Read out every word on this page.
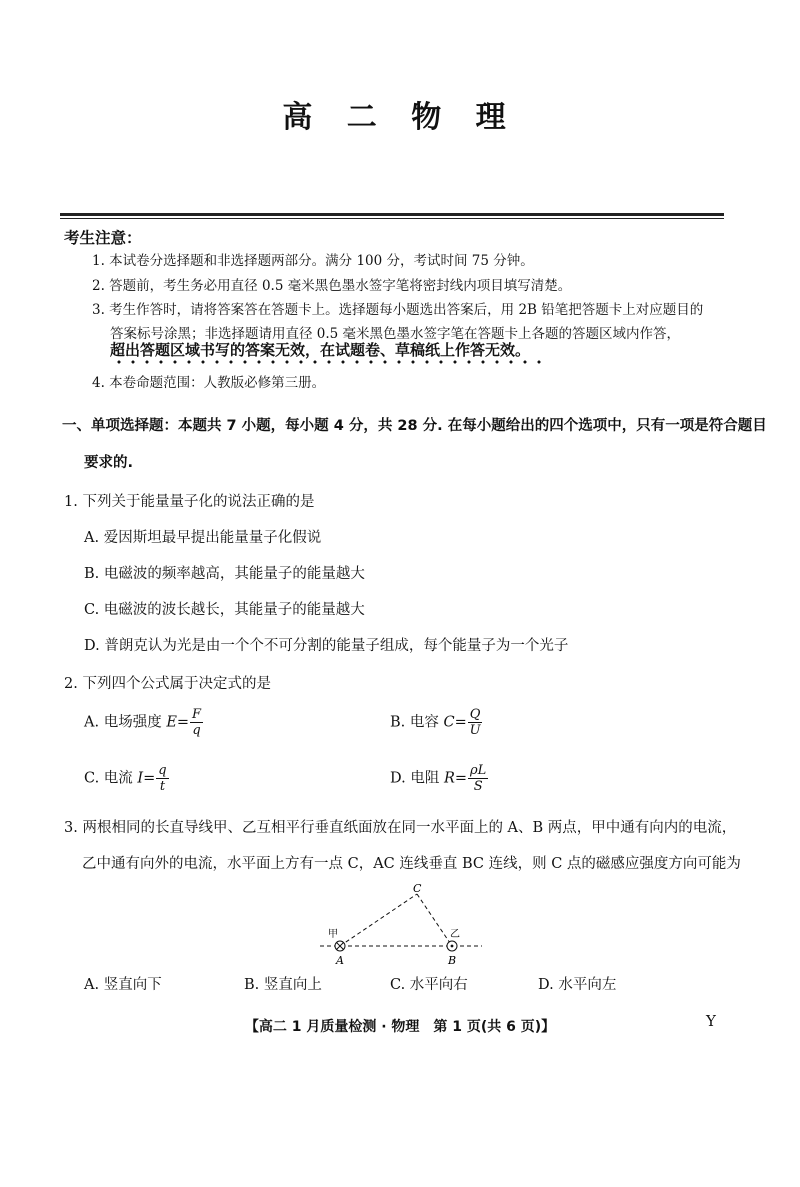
高 二 物 理
考生注意：
1. 本试卷分选择题和非选择题两部分。满分 100 分，考试时间 75 分钟。
2. 答题前，考生务必用直径 0.5 毫米黑色墨水签字笔将密封线内项目填写清楚。
3. 考生作答时，请将答案答在答题卡上。选择题每小题选出答案后，用 2B 铅笔把答题卡上对应题目的
答案标号涂黑；非选择题请用直径 0.5 毫米黑色墨水签字笔在答题卡上各题的答题区域内作答，
超出答题区域书写的答案无效，在试题卷、草稿纸上作答无效。
4. 本卷命题范围：人教版必修第三册。
一、单项选择题：本题共 7 小题，每小题 4 分，共 28 分. 在每小题给出的四个选项中，只有一项是符合题目
要求的.
1. 下列关于能量量子化的说法正确的是
A. 爱因斯坦最早提出能量量子化假说
B. 电磁波的频率越高，其能量子的能量越大
C. 电磁波的波长越长，其能量子的能量越大
D. 普朗克认为光是由一个个不可分割的能量子组成，每个能量子为一个光子
2. 下列四个公式属于决定式的是
A. 电场强度 $E= \frac{F}{q}$	B. 电容 $C= \frac{Q}{U}$
C. 电流 $I= \frac{q}{t}$	D. 电阻 $R= \frac{\rho L}{S}$
3. 两根相同的长直导线甲、乙互相平行垂直纸面放在同一水平面上的 A、B 两点，甲中通有向内的电流，
乙中通有向外的电流，水平面上方有一点 C，AC 连线垂直 BC 连线，则 C 点的磁感应强度方向可能为
C
A	B
甲	乙
A. 竖直向下	B. 竖直向上	C. 水平向右	D. 水平向左
【高二 1 月质量检测 · 物理　第 1 页(共 6 页)】	Y
